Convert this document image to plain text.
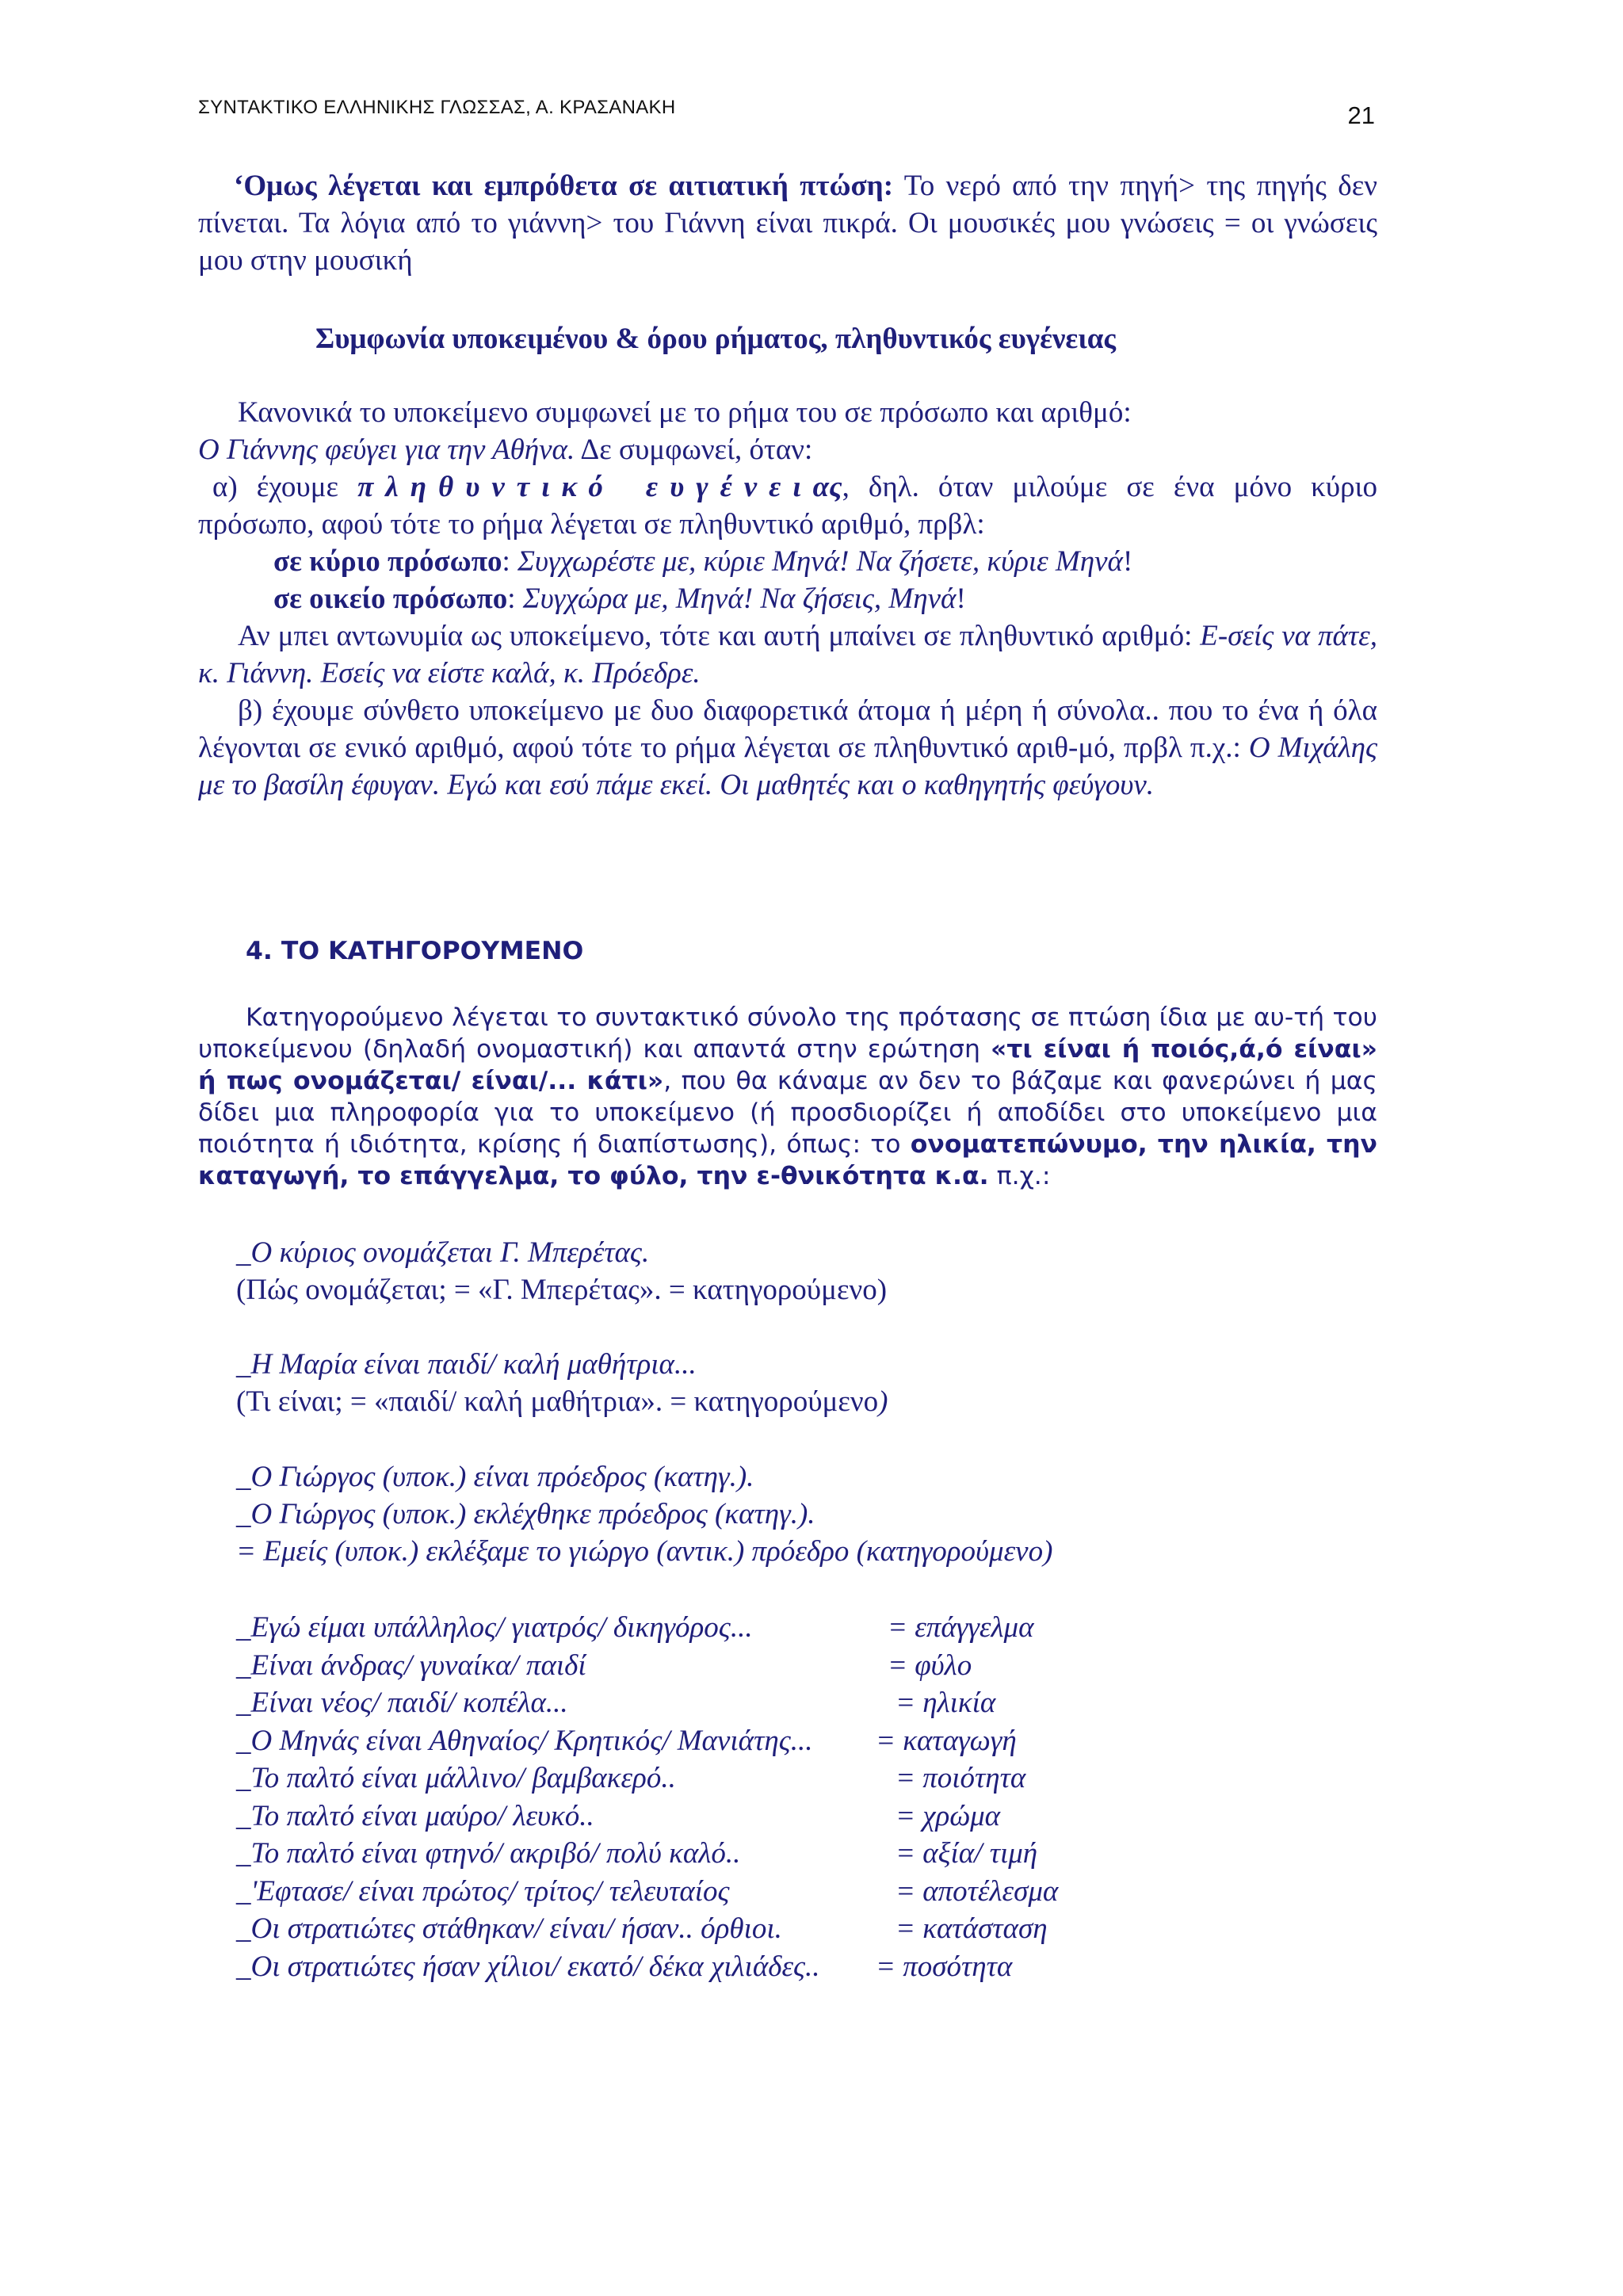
ΣΥΝΤΑΚΤΙΚΟ ΕΛΛΗΝΙΚΗΣ ΓΛΩΣΣΑΣ, Α. ΚΡΑΣΑΝΑΚΗ	21

‘Ομως λέγεται και εμπρόθετα σε αιτιατική πτώση: Το νερό από την πηγή> της πηγής δεν πίνεται. Τα λόγια από το γιάννη> του Γιάννη είναι πικρά. Οι μουσικές μου γνώσεις = οι γνώσεις μου στην μουσική

Συμφωνία υποκειμένου & όρου ρήματος, πληθυντικός ευγένειας

Κανονικά το υποκείμενο συμφωνεί με το ρήμα του σε πρόσωπο και αριθμό:

Ο Γιάννης φεύγει για την Αθήνα. Δε συμφωνεί, όταν:

α) έχουμε πληθυντικό ευγένειας, δηλ. όταν μιλούμε σε ένα μόνο κύριο πρόσωπο, αφού τότε το ρήμα λέγεται σε πληθυντικό αριθμό, πρβλ:

σε κύριο πρόσωπο: Συγχωρέστε με, κύριε Μηνά! Να ζήσετε, κύριε Μηνά!

σε οικείο πρόσωπο: Συγχώρα με, Μηνά! Να ζήσεις, Μηνά!

Αν μπει αντωνυμία ως υποκείμενο, τότε και αυτή μπαίνει σε πληθυντικό αριθμό: Ε-σείς να πάτε, κ. Γιάννη. Εσείς να είστε καλά, κ. Πρόεδρε.

β) έχουμε σύνθετο υποκείμενο με δυο διαφορετικά άτομα ή μέρη ή σύνολα.. που το ένα ή όλα λέγονται σε ενικό αριθμό, αφού τότε το ρήμα λέγεται σε πληθυντικό αριθ-μό, πρβλ π.χ.: Ο Μιχάλης με το βασίλη έφυγαν. Εγώ και εσύ πάμε εκεί. Οι μαθητές και ο καθηγητής φεύγουν.

4. ΤΟ ΚΑΤΗΓΟΡΟΥΜΕΝΟ

Κατηγορούμενο λέγεται το συντακτικό σύνολο της πρότασης σε πτώση ίδια με αυ-τή του υποκείμενου (δηλαδή ονομαστική) και απαντά στην ερώτηση «τι είναι ή ποιός,ά,ό είναι» ή πως ονομάζεται/ είναι/... κάτι», που θα κάναμε αν δεν το βάζαμε και φανερώνει ή μας δίδει μια πληροφορία για το υποκείμενο (ή προσδιορίζει ή αποδίδει στο υποκείμενο μια ποιότητα ή ιδιότητα, κρίσης ή διαπίστωσης), όπως: το ονοματεπώνυμο, την ηλικία, την καταγωγή, το επάγγελμα, το φύλο, την ε-θνικότητα κ.α. π.χ.:

_Ο κύριος ονομάζεται Γ. Μπερέτας.

(Πώς ονομάζεται; = «Γ. Μπερέτας». = κατηγορούμενο)

_Η Μαρία είναι παιδί/ καλή μαθήτρια...

(Τι είναι; = «παιδί/ καλή μαθήτρια». = κατηγορούμενο)

_Ο Γιώργος (υποκ.) είναι πρόεδρος (κατηγ.).

_Ο Γιώργος (υποκ.) εκλέχθηκε πρόεδρος (κατηγ.).

= Εμείς (υποκ.) εκλέξαμε το γιώργο (αντικ.) πρόεδρο (κατηγορούμενο)

_Εγώ είμαι υπάλληλος/ γιατρός/ δικηγόρος...	= επάγγελμα
_Είναι άνδρας/ γυναίκα/ παιδί	= φύλο
_Είναι νέος/ παιδί/ κοπέλα...	= ηλικία
_Ο Μηνάς είναι Αθηναίος/ Κρητικός/ Μανιάτης... = καταγωγή
_Το παλτό είναι μάλλινο/ βαμβακερό..	= ποιότητα
_Το παλτό είναι μαύρο/ λευκό..	= χρώμα
_Το παλτό είναι φτηνό/ ακριβό/ πολύ καλό..	= αξία/ τιμή
_'Εφτασε/ είναι πρώτος/ τρίτος/ τελευταίος	= αποτέλεσμα
_Οι στρατιώτες στάθηκαν/ είναι/ ήσαν.. όρθιοι.	= κατάσταση
_Οι στρατιώτες ήσαν χίλιοι/ εκατό/ δέκα χιλιάδες.. = ποσότητα
